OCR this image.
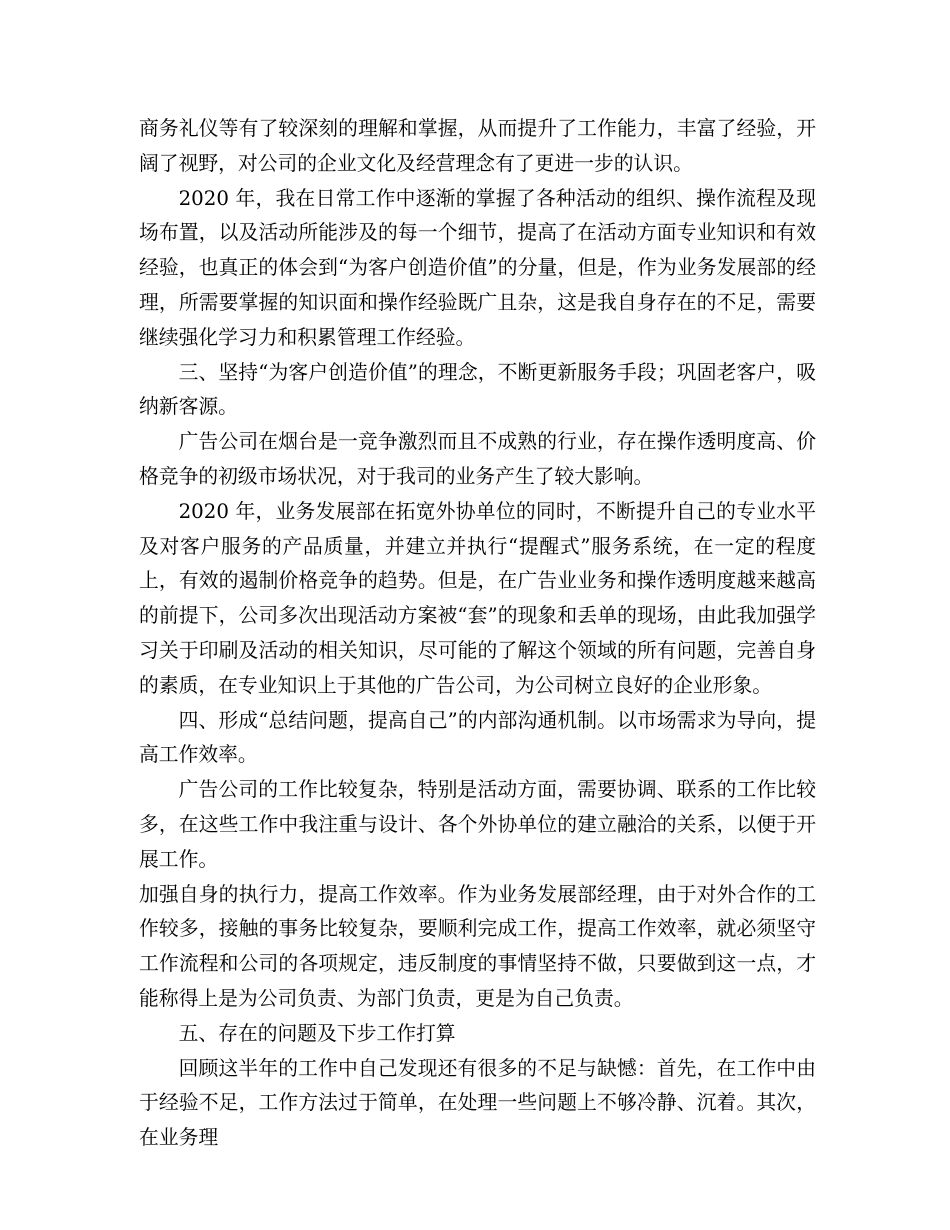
商务礼仪等有了较深刻的理解和掌握，从而提升了工作能力，丰富了经验，开阔了视野，对公司的企业文化及经营理念有了更进一步的认识。

2020 年，我在日常工作中逐渐的掌握了各种活动的组织、操作流程及现场布置，以及活动所能涉及的每一个细节，提高了在活动方面专业知识和有效经验，也真正的体会到“为客户创造价值”的分量，但是，作为业务发展部的经理，所需要掌握的知识面和操作经验既广且杂，这是我自身存在的不足，需要继续强化学习力和积累管理工作经验。

三、坚持“为客户创造价值”的理念，不断更新服务手段；巩固老客户，吸纳新客源。

广告公司在烟台是一竞争激烈而且不成熟的行业，存在操作透明度高、价格竞争的初级市场状况，对于我司的业务产生了较大影响。

2020 年，业务发展部在拓宽外协单位的同时，不断提升自己的专业水平及对客户服务的产品质量，并建立并执行“提醒式”服务系统，在一定的程度上，有效的遏制价格竞争的趋势。但是，在广告业业务和操作透明度越来越高的前提下，公司多次出现活动方案被“套”的现象和丢单的现场，由此我加强学习关于印刷及活动的相关知识，尽可能的了解这个领域的所有问题，完善自身的素质，在专业知识上于其他的广告公司，为公司树立良好的企业形象。

四、形成“总结问题，提高自己”的内部沟通机制。以市场需求为导向，提高工作效率。

广告公司的工作比较复杂，特别是活动方面，需要协调、联系的工作比较多，在这些工作中我注重与设计、各个外协单位的建立融洽的关系，以便于开展工作。

加强自身的执行力，提高工作效率。作为业务发展部经理，由于对外合作的工作较多，接触的事务比较复杂，要顺利完成工作，提高工作效率，就必须坚守工作流程和公司的各项规定，违反制度的事情坚持不做，只要做到这一点，才能称得上是为公司负责、为部门负责，更是为自己负责。

五、存在的问题及下步工作打算

回顾这半年的工作中自己发现还有很多的不足与缺憾：首先，在工作中由于经验不足，工作方法过于简单，在处理一些问题上不够冷静、沉着。其次，在业务理
